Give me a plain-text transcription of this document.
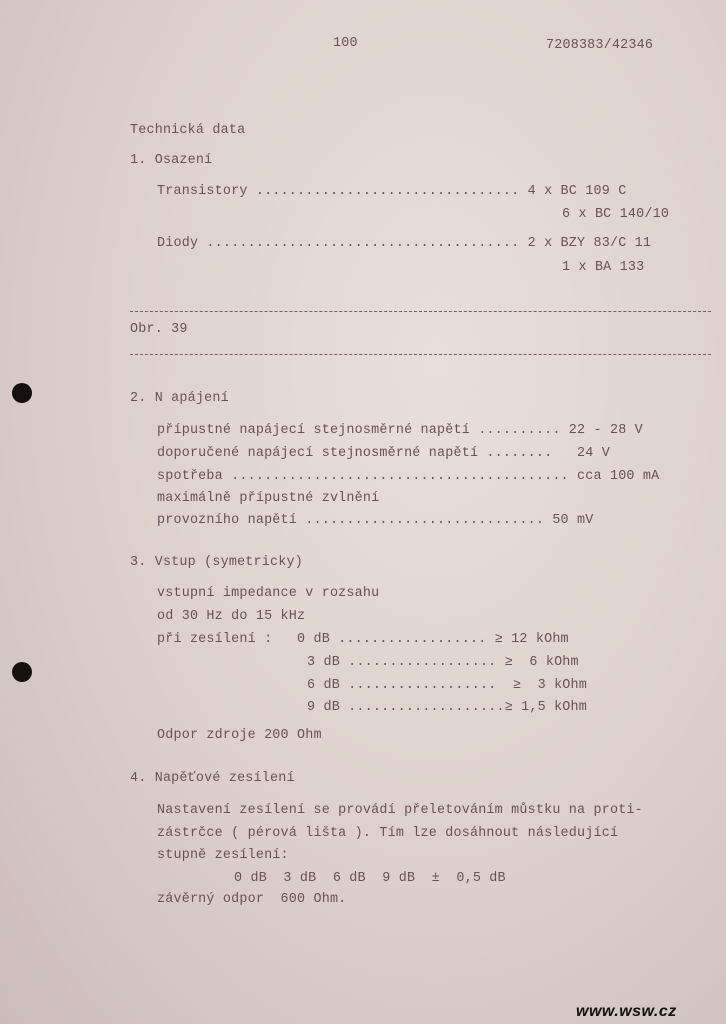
100	7208383/42346
Technická data
1. Osazení
Transistory ................................ 4 x BC 109 C
6 x BC 140/10
Diody ...................................... 2 x BZY 83/C 11
1 x BA 133
Obr. 39
2. N apájení
přípustné napájecí stejnosměrné napětí .......... 22 - 28 V
doporučené napájecí stejnosměrné napětí ........   24 V
spotřeba ......................................... cca 100 mA
maximálně přípustné zvlnění
provozního napětí ............................. 50 mV
3. Vstup (symetricky)
vstupní impedance v rozsahu
od 30 Hz do 15 kHz
při zesílení :   0 dB .................. ≥ 12 kOhm
3 dB .................. ≥  6 kOhm
6 dB ..................  ≥  3 kOhm
9 dB ...................≥ 1,5 kOhm
Odpor zdroje 200 Ohm
4. Napěťové zesílení
Nastavení zesílení se provádí přeletováním můstku na proti-
zástrčce ( pérová lišta ). Tím lze dosáhnout následující
stupně zesílení:
0 dB  3 dB  6 dB  9 dB  ±  0,5 dB
závěrný odpor  600 Ohm.
www.wsw.cz
